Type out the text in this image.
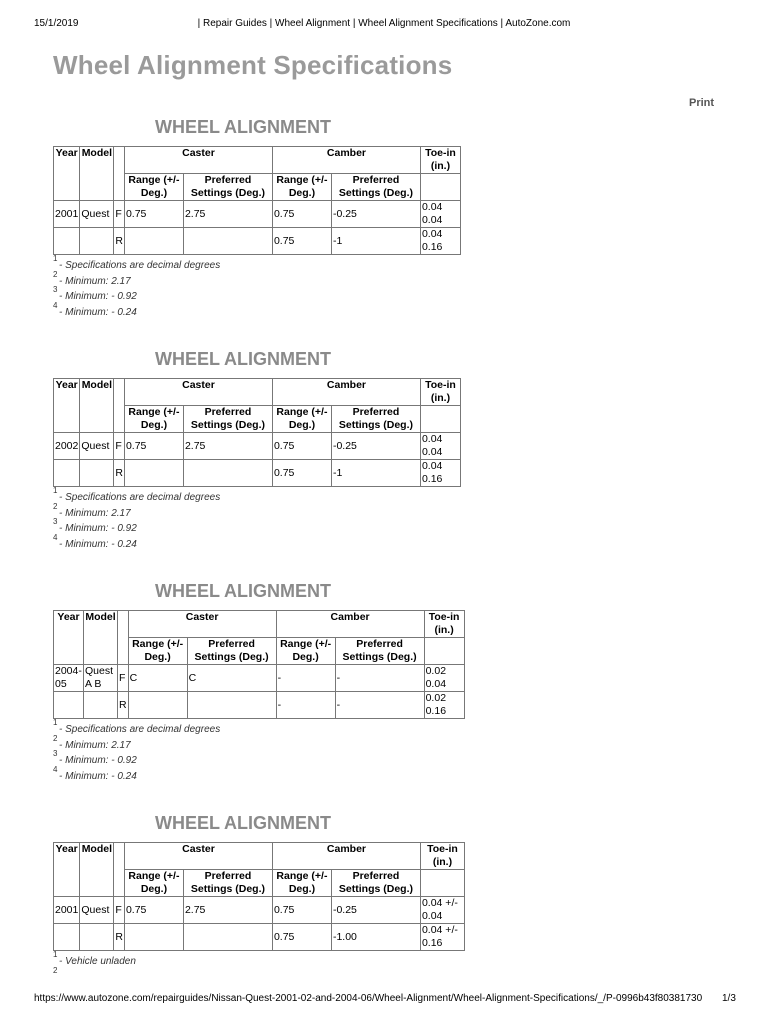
15/1/2019	| Repair Guides | Wheel Alignment | Wheel Alignment Specifications | AutoZone.com
Wheel Alignment Specifications
Print
WHEEL ALIGNMENT
Year	Model		Caster		Camber		Toe-in (in.)
			Range (+/- Deg.)	Preferred Settings (Deg.)	Range (+/- Deg.)	Preferred Settings (Deg.)	
2001	Quest	F	0.75	2.75	0.75	-0.25	0.04
0.04

		R			0.75	-1	0.04
0.16
1
- Specifications are decimal degrees
2
- Minimum: 2.17
3
- Minimum: - 0.92
4
- Minimum: - 0.24
WHEEL ALIGNMENT
Year	Model		Caster		Camber		Toe-in (in.)
			Range (+/- Deg.)	Preferred Settings (Deg.)	Range (+/- Deg.)	Preferred Settings (Deg.)	
2002	Quest	F	0.75	2.75	0.75	-0.25	0.04
0.04

		R			0.75	-1	0.04
0.16
1
- Specifications are decimal degrees
2
- Minimum: 2.17
3
- Minimum: - 0.92
4
- Minimum: - 0.24
WHEEL ALIGNMENT
Year	Model		Caster		Camber		Toe-in (in.)
			Range (+/- Deg.)	Preferred Settings (Deg.)	Range (+/- Deg.)	Preferred Settings (Deg.)	
2004-05	Quest A B	F	C	C	-	-	0.02
0.04

		R			-	-	0.02
0.16
1
- Specifications are decimal degrees
2
- Minimum: 2.17
3
- Minimum: - 0.92
4
- Minimum: - 0.24
WHEEL ALIGNMENT
Year	Model		Caster		Camber		Toe-in (in.)
			Range (+/- Deg.)	Preferred Settings (Deg.)	Range (+/- Deg.)	Preferred Settings (Deg.)	
2001	Quest	F	0.75	2.75	0.75	-0.25	0.04 +/-
0.04

		R			0.75	-1.00	0.04 +/-
0.16
1
- Vehicle unladen
2
https://www.autozone.com/repairguides/Nissan-Quest-2001-02-and-2004-06/Wheel-Alignment/Wheel-Alignment-Specifications/_/P-0996b43f80381730 1/3
